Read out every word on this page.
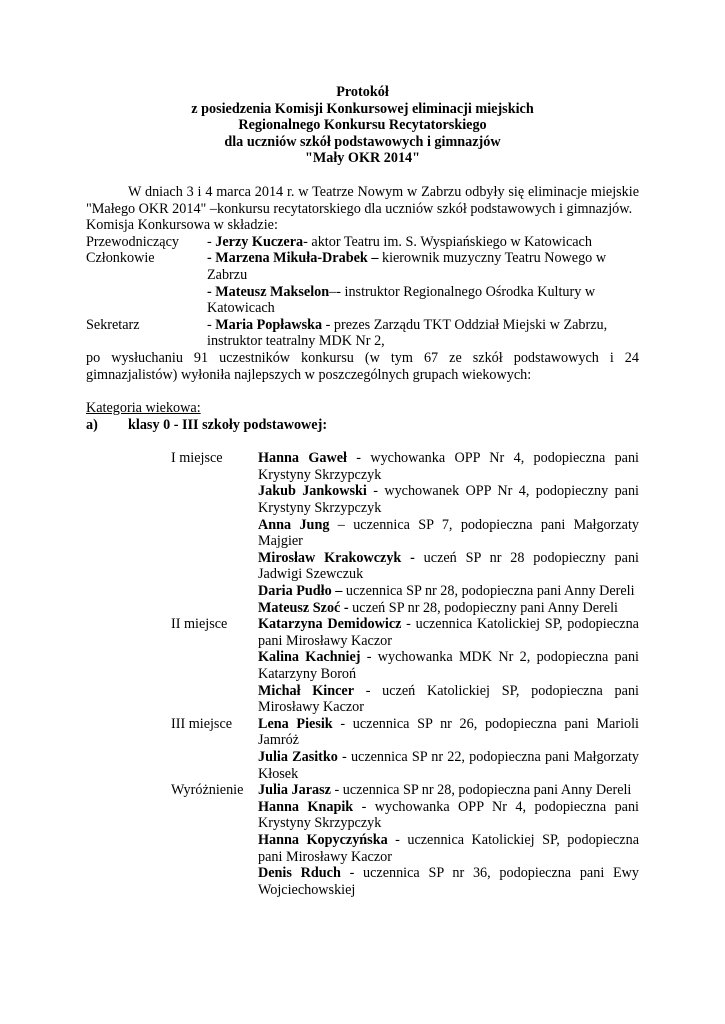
Protokół
z posiedzenia Komisji Konkursowej eliminacji miejskich
Regionalnego Konkursu Recytatorskiego
dla uczniów szkół podstawowych i gimnazjów
"Mały OKR 2014"
W dniach 3 i 4 marca 2014 r. w Teatrze Nowym w Zabrzu odbyły się eliminacje miejskie "Małego OKR 2014" –konkursu recytatorskiego dla uczniów szkół podstawowych i gimnazjów.
Komisja Konkursowa w składzie:
Przewodniczący	- Jerzy Kuczera- aktor Teatru im. S. Wyspiańskiego w Katowicach
Członkowie	- Marzena Mikuła-Drabek – kierownik muzyczny Teatru Nowego w Zabrzu
- Mateusz Makselon–- instruktor Regionalnego Ośrodka Kultury w Katowicach
Sekretarz	- Maria Popławska - prezes Zarządu TKT Oddział Miejski w Zabrzu, instruktor teatralny MDK Nr 2,
po wysłuchaniu 91 uczestników konkursu (w tym 67 ze szkół podstawowych i 24 gimnazjalistów) wyłoniła najlepszych w poszczególnych grupach wiekowych:
Kategoria wiekowa:
a)	klasy 0 - III szkoły podstawowej:
I miejsce	Hanna Gaweł - wychowanka OPP Nr 4, podopieczna pani Krystyny Skrzypczyk
Jakub Jankowski - wychowanek OPP Nr 4, podopieczny pani Krystyny Skrzypczyk
Anna Jung – uczennica SP 7, podopieczna pani Małgorzaty Majgier
Mirosław Krakowczyk - uczeń SP nr 28 podopieczny pani Jadwigi Szewczuk
Daria Pudło – uczennica SP nr 28, podopieczna pani Anny Dereli
Mateusz Szoć - uczeń SP nr 28, podopieczny pani Anny Dereli
II miejsce	Katarzyna Demidowicz - uczennica Katolickiej SP, podopieczna pani Mirosławy Kaczor
Kalina Kachniej - wychowanka MDK Nr 2, podopieczna pani Katarzyny Boroń
Michał Kincer - uczeń Katolickiej SP, podopieczna pani Mirosławy Kaczor
III miejsce	Lena Piesik - uczennica SP nr 26, podopieczna pani Marioli Jamróż
Julia Zasitko - uczennica SP nr 22, podopieczna pani Małgorzaty Kłosek
Wyróżnienie	Julia Jarasz - uczennica SP nr 28, podopieczna pani Anny Dereli
Hanna Knapik - wychowanka OPP Nr 4, podopieczna pani Krystyny Skrzypczyk
Hanna Kopyczyńska - uczennica Katolickiej SP, podopieczna pani Mirosławy Kaczor
Denis Rduch - uczennica SP nr 36, podopieczna pani Ewy Wojciechowskiej
